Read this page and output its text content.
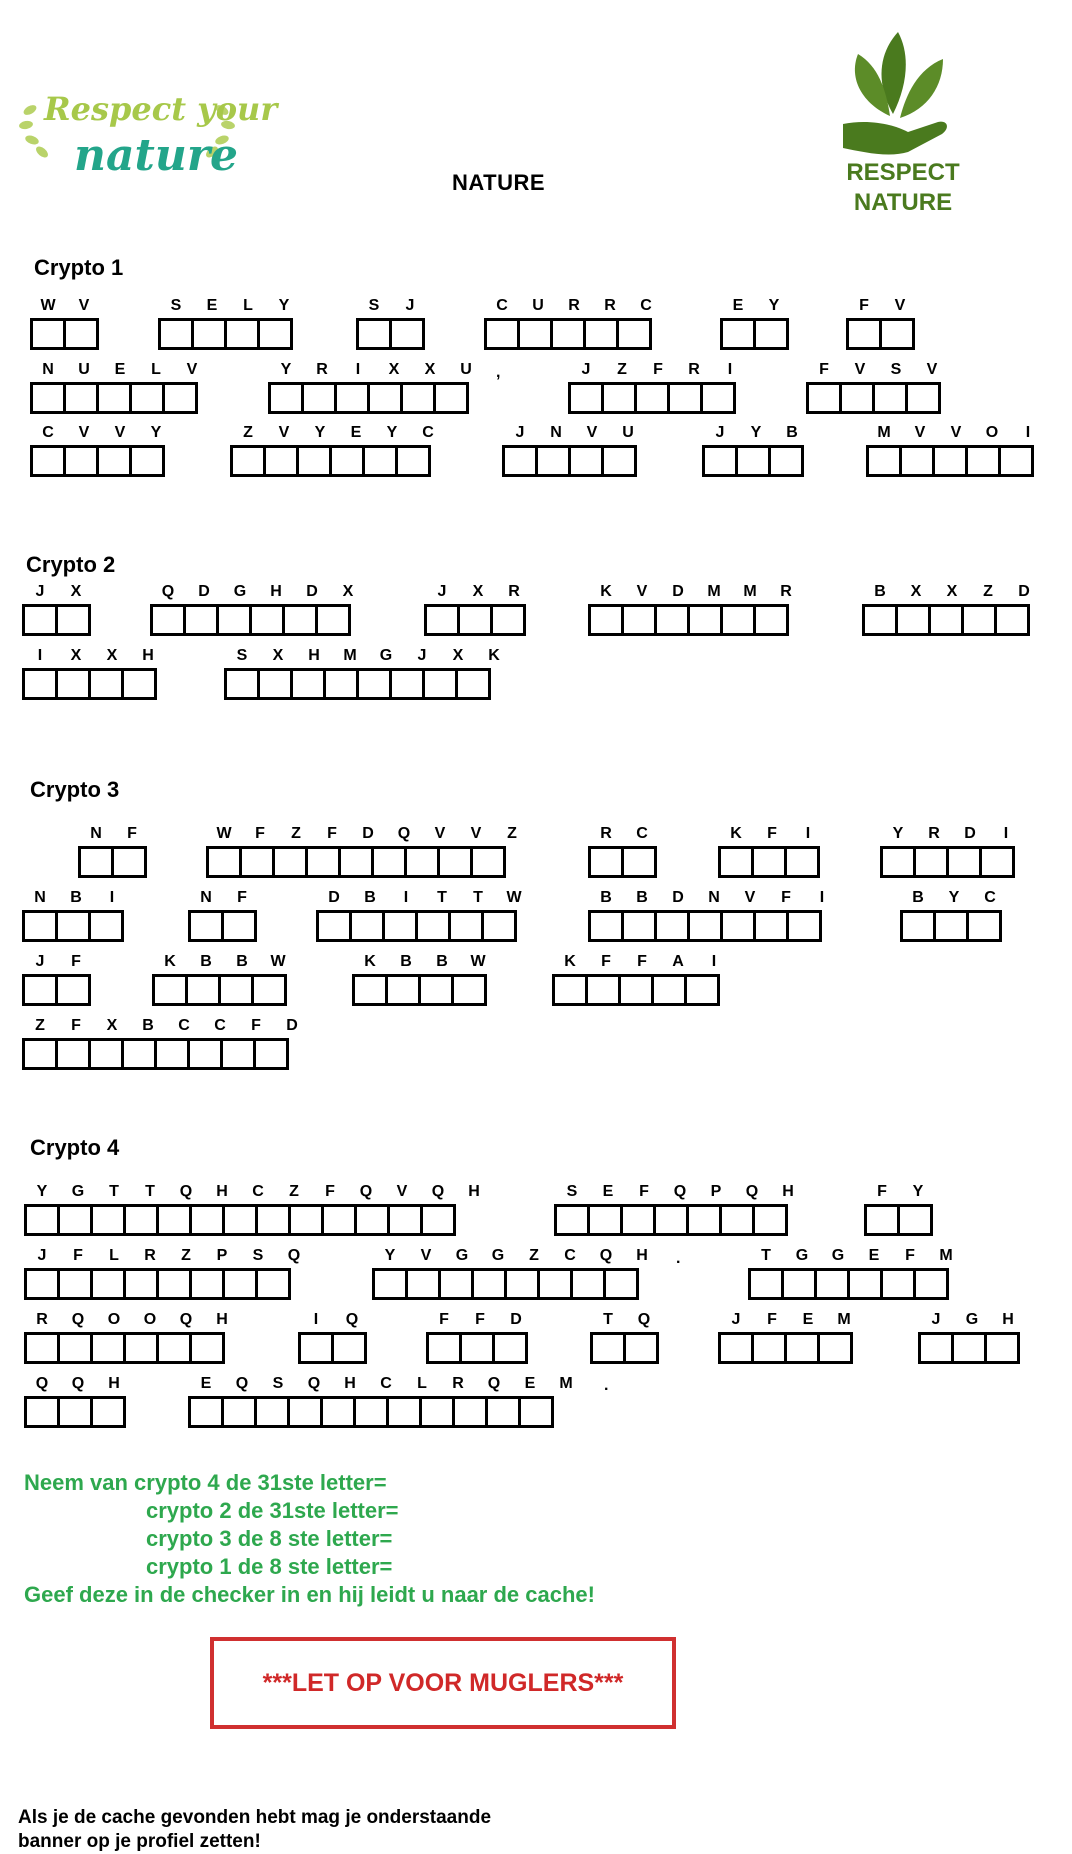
Respect your
nature	RESPECT
NATURE
NATURE
Crypto 1
Crypto 2
Crypto 3
Crypto 4
W	V	S	E	L	Y	S	J	C	U	R	R	C	E	Y	F	V
N	U	E	L	V	Y	R	I	X	X	U	J	Z	F	R	I	F	V	S	V
C	V	V	Y	Z	V	Y	E	Y	C	J	N	V	U	J	Y	B	M	V	V	O	I
J	X	Q	D	G	H	D	X	J	X	R	K	V	D	M	M	R	B	X	X	Z	D
I	X	X	H	S	X	H	M	G	J	X	K
N	F	W	F	Z	F	D	Q	V	V	Z	R	C	K	F	I	Y	R	D	I
N	B	I	N	F	D	B	I	T	T	W	B	B	D	N	V	F	I	B	Y	C
J	F	K	B	B	W	K	B	B	W	K	F	F	A	I
Z	F	X	B	C	C	F	D
Y	G	T	T	Q	H	C	Z	F	Q	V	Q	H	S	E	F	Q	P	Q	H	F	Y
J	F	L	R	Z	P	S	Q	Y	V	G	G	Z	C	Q	H	T	G	G	E	F	M
R	Q	O	O	Q	H	I	Q	F	F	D	T	Q	J	F	E	M	J	G	H
Q	Q	H	E	Q	S	Q	H	C	L	R	Q	E	M
,
.
.
Neem van crypto 4 de 31ste letter=
crypto 2 de 31ste letter=
crypto 3 de 8 ste letter=
crypto 1 de 8 ste letter=
Geef deze in de checker in en hij leidt u naar de cache!
***LET OP VOOR MUGLERS***
Als je de cache gevonden hebt mag je onderstaande
banner op je profiel zetten!
